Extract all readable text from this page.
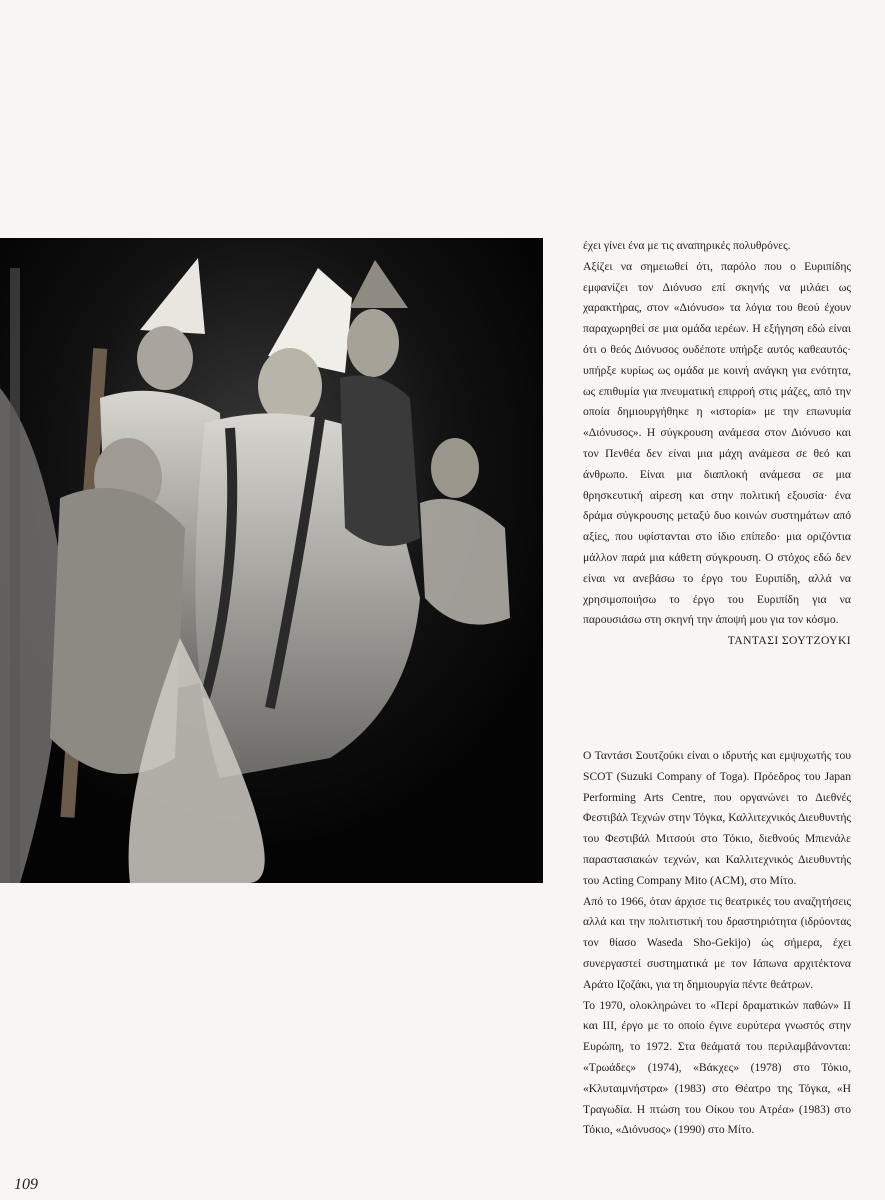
έχει γίνει ένα με τις αναπηρικές πολυθρόνες.

Αξίζει να σημειωθεί ότι, παρόλο που ο Ευριπίδης εμφανίζει τον Διόνυσο επί σκηνής να μιλάει ως χαρακτήρας, στον «Διόνυσο» τα λόγια του θεού έχουν παραχωρηθεί σε μια ομάδα ιερέων. Η εξήγηση εδώ είναι ότι ο θεός Διόνυσος ουδέποτε υπήρξε αυτός καθεαυτός· υπήρξε κυρίως ως ομάδα με κοινή ανάγκη για ενότητα, ως επιθυμία για πνευματική επιρροή στις μάζες, από την οποία δημιουργήθηκε η «ιστορία» με την επωνυμία «Διόνυσος». Η σύγκρουση ανάμεσα στον Διόνυσο και τον Πενθέα δεν είναι μια μάχη ανάμεσα σε θεό και άνθρωπο. Είναι μια διαπλοκή ανάμεσα σε μια θρησκευτική αίρεση και στην πολιτική εξουσία· ένα δράμα σύγκρουσης μεταξύ δυο κοινών συστημάτων από αξίες, που υφίστανται στο ίδιο επίπεδο· μια οριζόντια μάλλον παρά μια κάθετη σύγκρουση. Ο στόχος εδώ δεν είναι να ανεβάσω το έργο του Ευριπίδη, αλλά να χρησιμοποιήσω το έργο του Ευριπίδη για να παρουσιάσω στη σκηνή την άποψή μου για τον κόσμο.

ΤΑΝΤΑΣΙ ΣΟΥΤΖΟΥΚΙ

Ο Ταντάσι Σουτζούκι είναι ο ιδρυτής και εμψυχωτής του SCOT (Suzuki Company of Toga). Πρόεδρος του Japan Performing Arts Centre, που οργανώνει το Διεθνές Φεστιβάλ Τεχνών στην Τόγκα, Καλλιτεχνικός Διευθυντής του Φεστιβάλ Μιτσούι στο Τόκιο, διεθνούς Μπιενάλε παραστασιακών τεχνών, και Καλλιτεχνικός Διευθυντής του Acting Company Mito (ACM), στο Μίτο.

Από το 1966, όταν άρχισε τις θεατρικές του αναζητήσεις αλλά και την πολιτιστική του δραστηριότητα (ιδρύοντας τον θίασο Waseda Sho-Gekijo) ώς σήμερα, έχει συνεργαστεί συστηματικά με τον Ιάπωνα αρχιτέκτονα Αράτο Ιζοζάκι, για τη δημιουργία πέντε θεάτρων.

Το 1970, ολοκληρώνει το «Περί δραματικών παθών» II και III, έργο με το οποίο έγινε ευρύτερα γνωστός στην Ευρώπη, το 1972. Στα θεάματά του περιλαμβάνονται: «Τρωάδες» (1974), «Βάκχες» (1978) στο Τόκιο, «Κλυταιμνήστρα» (1983) στο Θέατρο της Τόγκα, «Η Τραγωδία. Η πτώση του Οίκου του Ατρέα» (1983) στο Τόκιο, «Διόνυσος» (1990) στο Μίτο.

109
